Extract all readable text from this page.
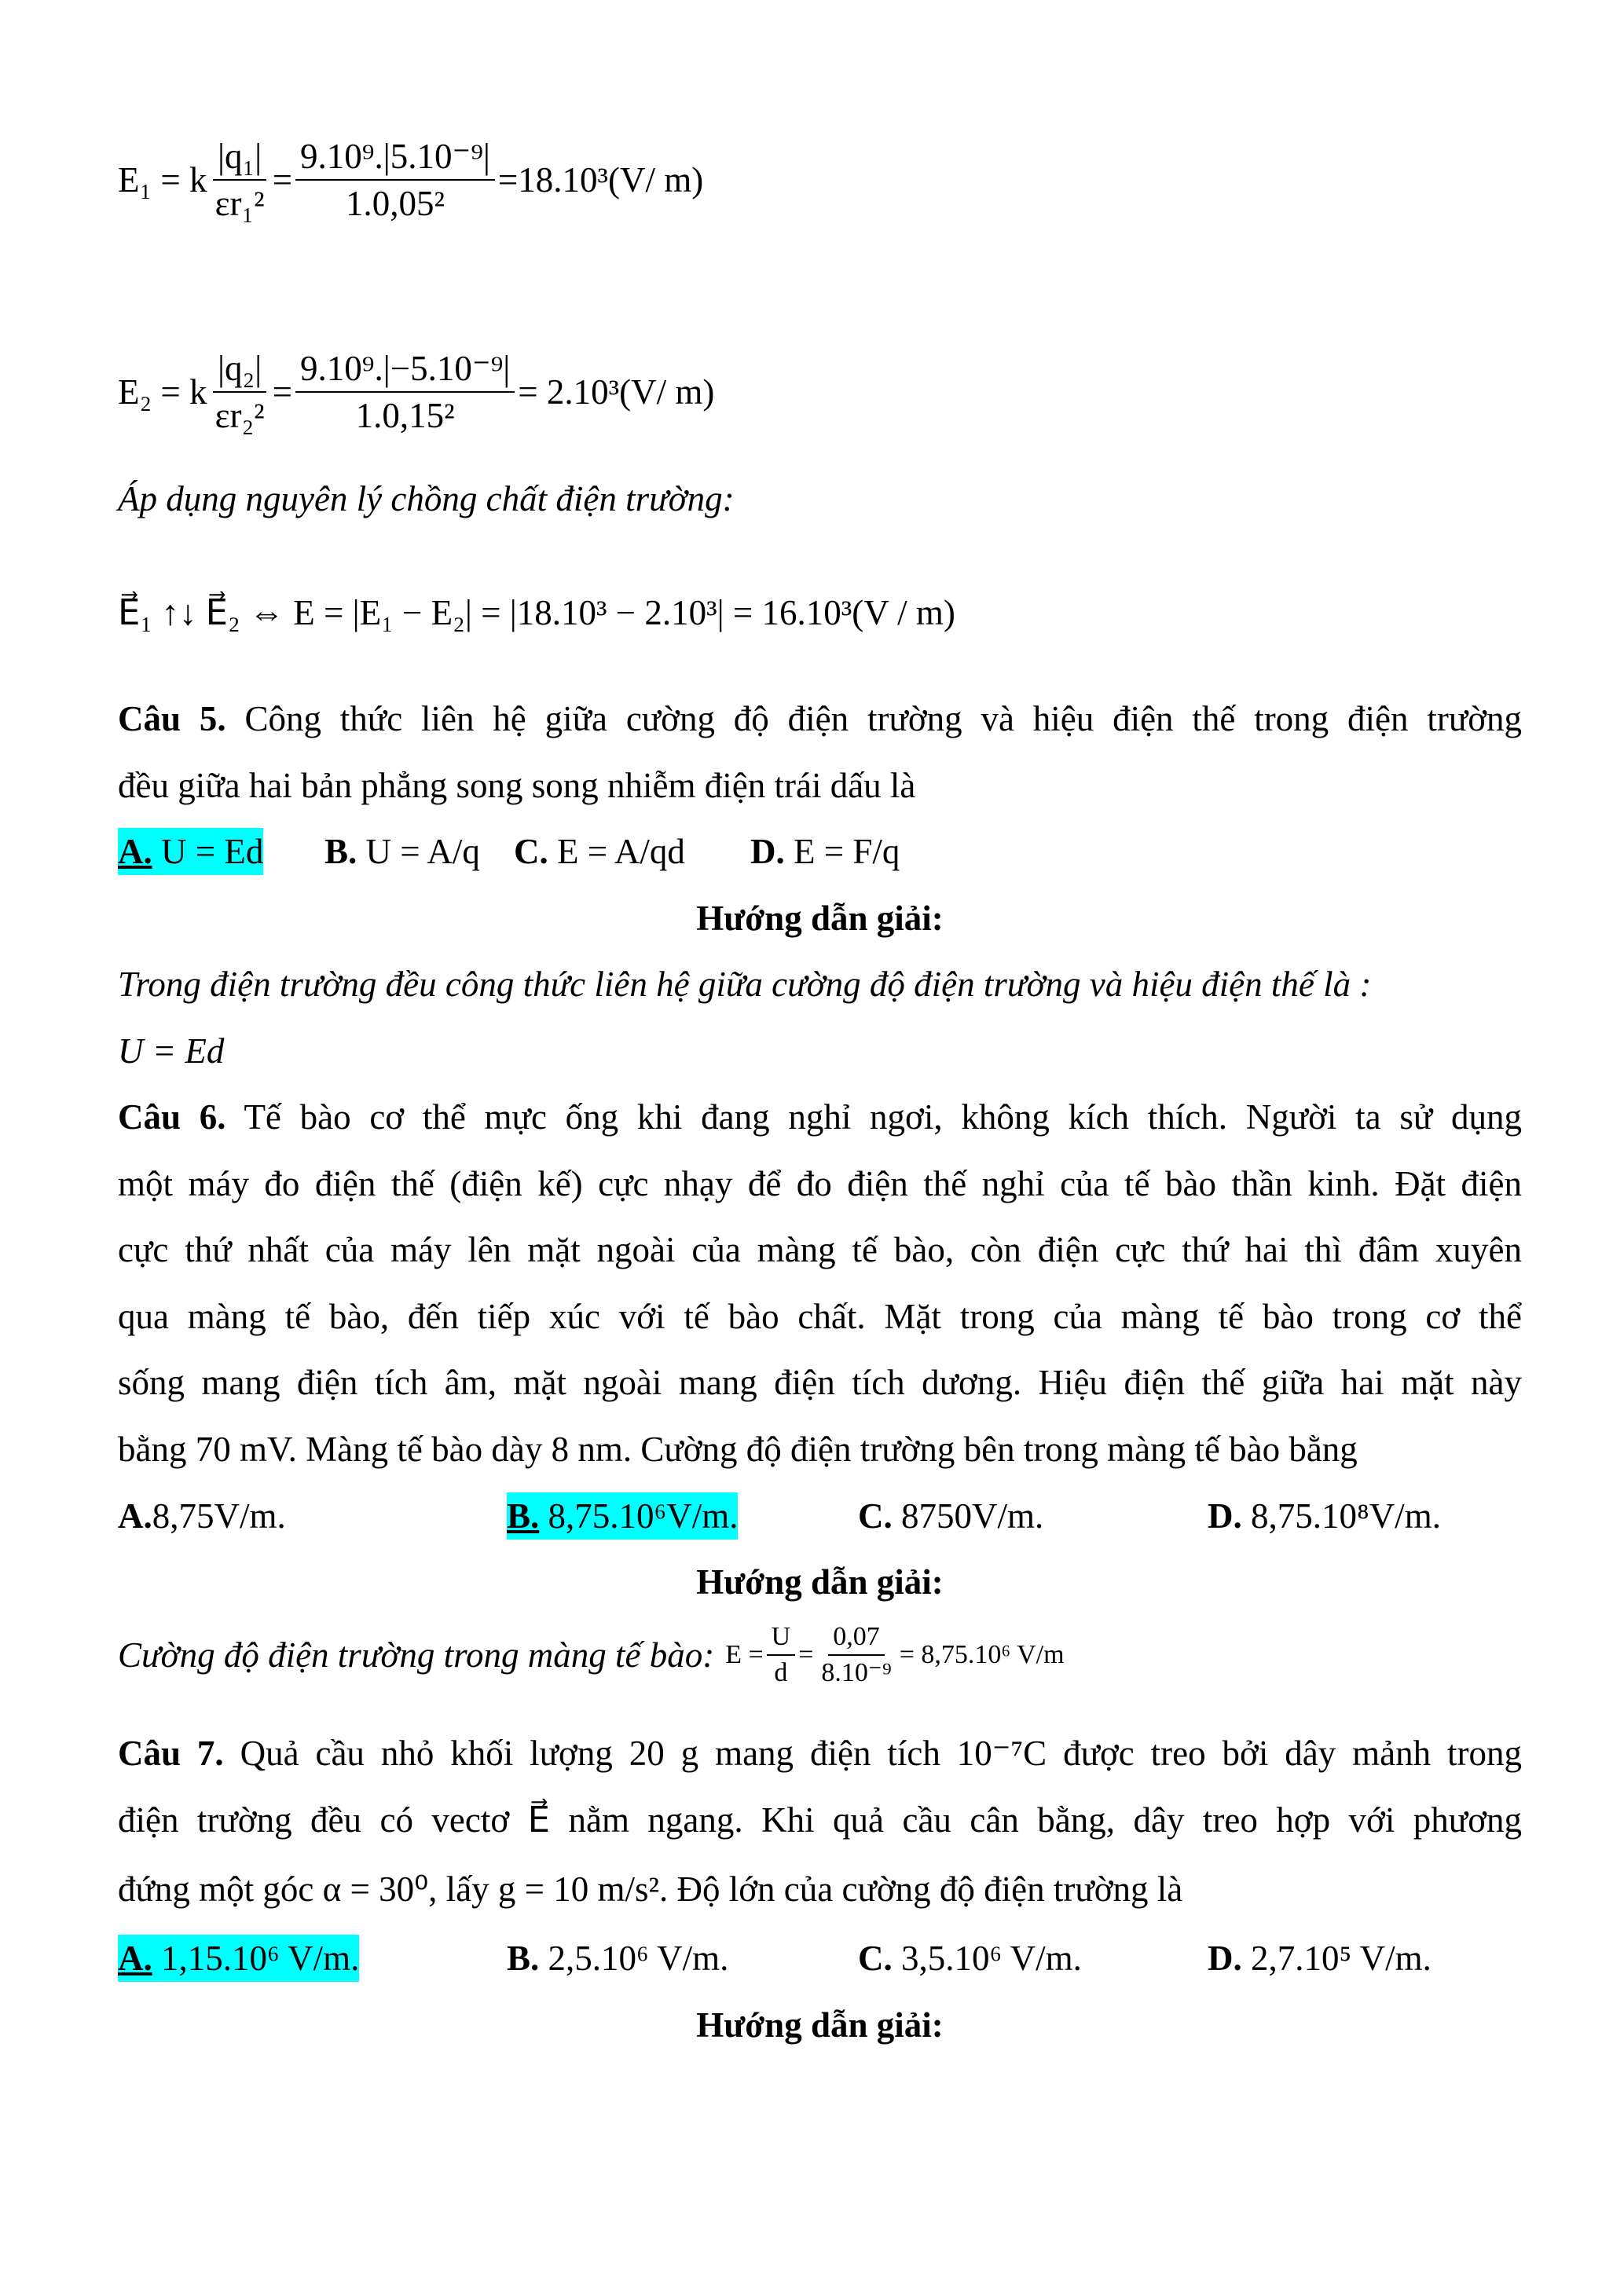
E₁ = k $\frac{\text{|q₁|}}{\text{εr₁²}} = \frac{\text{9.10⁹.|5.10⁻⁹|}}{\text{1.0,05²}} =18.10^3(V/$ m)
E₂ = k $\frac{\text{|q₂|}}{\text{εr₂²}} = \frac{\text{9.10⁹.|−5.10⁻⁹|}}{\text{1.0,15²}} = 2.10^3(V/$ m)
Áp dụng nguyên lý chồng chất điện trường:
E⃗₁ ↑↓ E⃗₂ ⇔ E = |E₁ − E₂| = |18.10³ − 2.10³| = 16.10³(V / m)
Câu 5. Công thức liên hệ giữa cường độ điện trường và hiệu điện thế trong điện trường
đều giữa hai bản phẳng song song nhiễm điện trái dấu là
A. U = Ed B. U = A/q C. E = A/qd D. E = F/q
Hướng dẫn giải:
Trong điện trường đều công thức liên hệ giữa cường độ điện trường và hiệu điện thế là :
U = Ed
Câu 6. Tế bào cơ thể mực ống khi đang nghỉ ngơi, không kích thích. Người ta sử dụng
một máy đo điện thế (điện kế) cực nhạy để đo điện thế nghỉ của tế bào thần kinh. Đặt điện
cực thứ nhất của máy lên mặt ngoài của màng tế bào, còn điện cực thứ hai thì đâm xuyên
qua màng tế bào, đến tiếp xúc với tế bào chất. Mặt trong của màng tế bào trong cơ thể
sống mang điện tích âm, mặt ngoài mang điện tích dương. Hiệu điện thế giữa hai mặt này
bằng 70 mV. Màng tế bào dày 8 nm. Cường độ điện trường bên trong màng tế bào bằng
A.8,75V/m.	B. 8,75.10⁶V/m.	C. 8750V/m.	D. 8,75.10⁸V/m.
Hướng dẫn giải:
Cường độ điện trường trong màng tế bào: $E = \frac{U}{d} = \frac{0,07}{\text{8.10⁻⁹}} = 8,75.10^6$ V/m
Câu 7. Quả cầu nhỏ khối lượng 20 g mang điện tích 10⁻⁷C được treo bởi dây mảnh trong
điện trường đều có vectơ E⃗ nằm ngang. Khi quả cầu cân bằng, dây treo hợp với phương
đứng một góc α = 30⁰, lấy g = 10 m/s². Độ lớn của cường độ điện trường là
A. 1,15.10⁶ V/m.	B. 2,5.10⁶ V/m.	C. 3,5.10⁶ V/m.	D. 2,7.10⁵ V/m.
Hướng dẫn giải:
